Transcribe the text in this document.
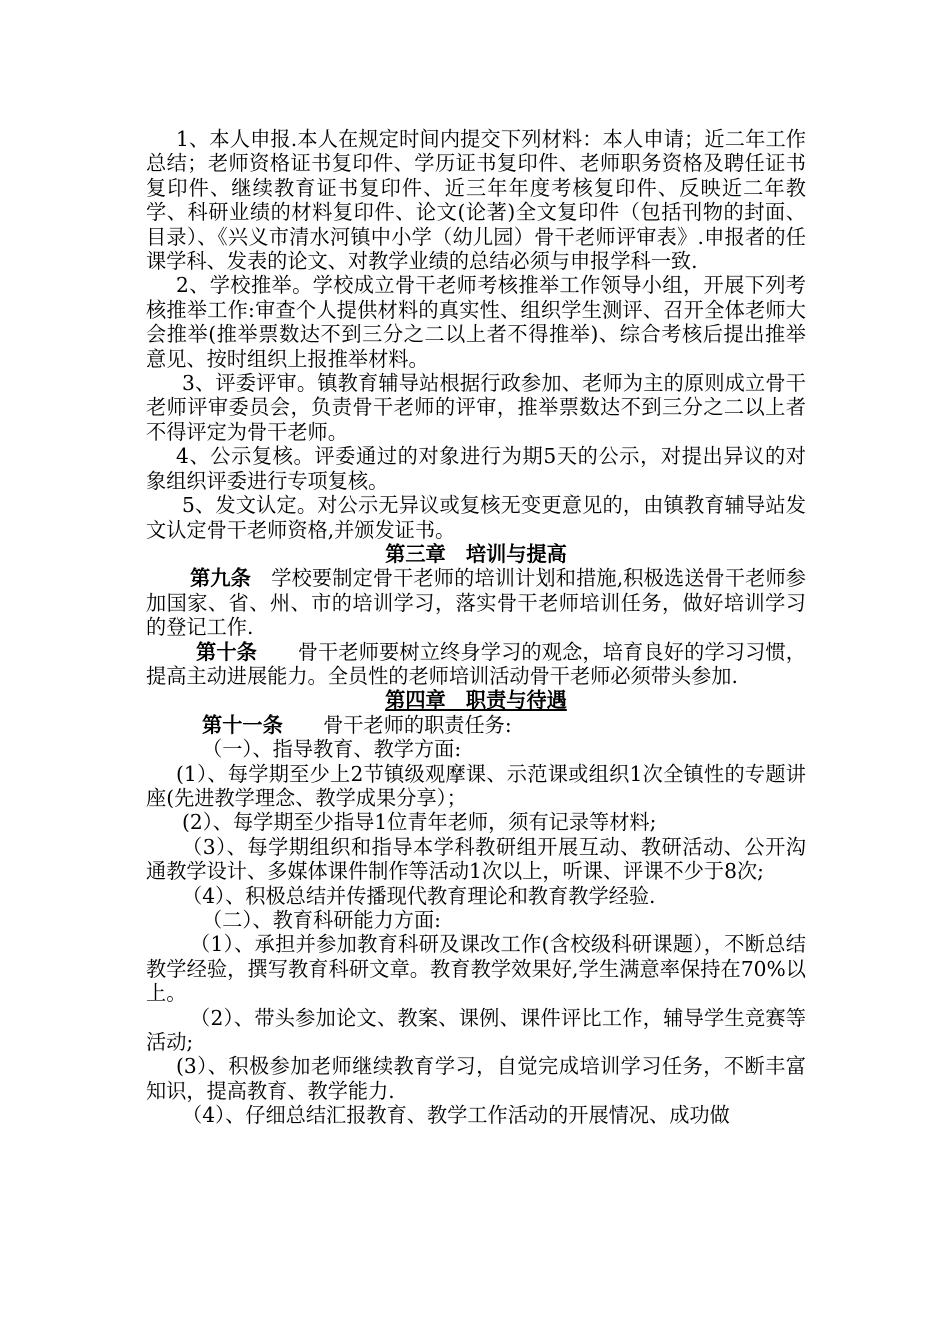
1、本人申报.本人在规定时间内提交下列材料：本人申请；近二年工作总结；老师资格证书复印件、学历证书复印件、老师职务资格及聘任证书复印件、继续教育证书复印件、近三年年度考核复印件、反映近二年教学、科研业绩的材料复印件、论文(论著)全文复印件（包括刊物的封面、目录）、《兴义市清水河镇中小学（幼儿园）骨干老师评审表》.申报者的任课学科、发表的论文、对教学业绩的总结必须与申报学科一致.

2、学校推举。学校成立骨干老师考核推举工作领导小组，开展下列考核推举工作:审查个人提供材料的真实性、组织学生测评、召开全体老师大会推举(推举票数达不到三分之二以上者不得推举)、综合考核后提出推举意见、按时组织上报推举材料。

3、评委评审。镇教育辅导站根据行政参加、老师为主的原则成立骨干老师评审委员会，负责骨干老师的评审，推举票数达不到三分之二以上者不得评定为骨干老师。

4、公示复核。评委通过的对象进行为期5天的公示，对提出异议的对象组织评委进行专项复核。

5、发文认定。对公示无异议或复核无变更意见的，由镇教育辅导站发文认定骨干老师资格,并颁发证书。

第三章　培训与提高

第九条　学校要制定骨干老师的培训计划和措施,积极选送骨干老师参加国家、省、州、市的培训学习，落实骨干老师培训任务，做好培训学习的登记工作.

第十条　　骨干老师要树立终身学习的观念，培育良好的学习习惯，提高主动进展能力。全员性的老师培训活动骨干老师必须带头参加.

第四章　职责与待遇

第十一条　　骨干老师的职责任务:

（一）、指导教育、教学方面:

(1）、每学期至少上2节镇级观摩课、示范课或组织1次全镇性的专题讲座(先进教学理念、教学成果分享）；

(2）、每学期至少指导1位青年老师，须有记录等材料;

（3）、每学期组织和指导本学科教研组开展互动、教研活动、公开沟通教学设计、多媒体课件制作等活动1次以上，听课、评课不少于8次;

（4）、积极总结并传播现代教育理论和教育教学经验.

（二）、教育科研能力方面:

（1）、承担并参加教育科研及课改工作(含校级科研课题），不断总结教学经验，撰写教育科研文章。教育教学效果好,学生满意率保持在70%以上。

（2）、带头参加论文、教案、课例、课件评比工作，辅导学生竞赛等活动;

(3）、积极参加老师继续教育学习，自觉完成培训学习任务，不断丰富知识，提高教育、教学能力.

（4）、仔细总结汇报教育、教学工作活动的开展情况、成功做
